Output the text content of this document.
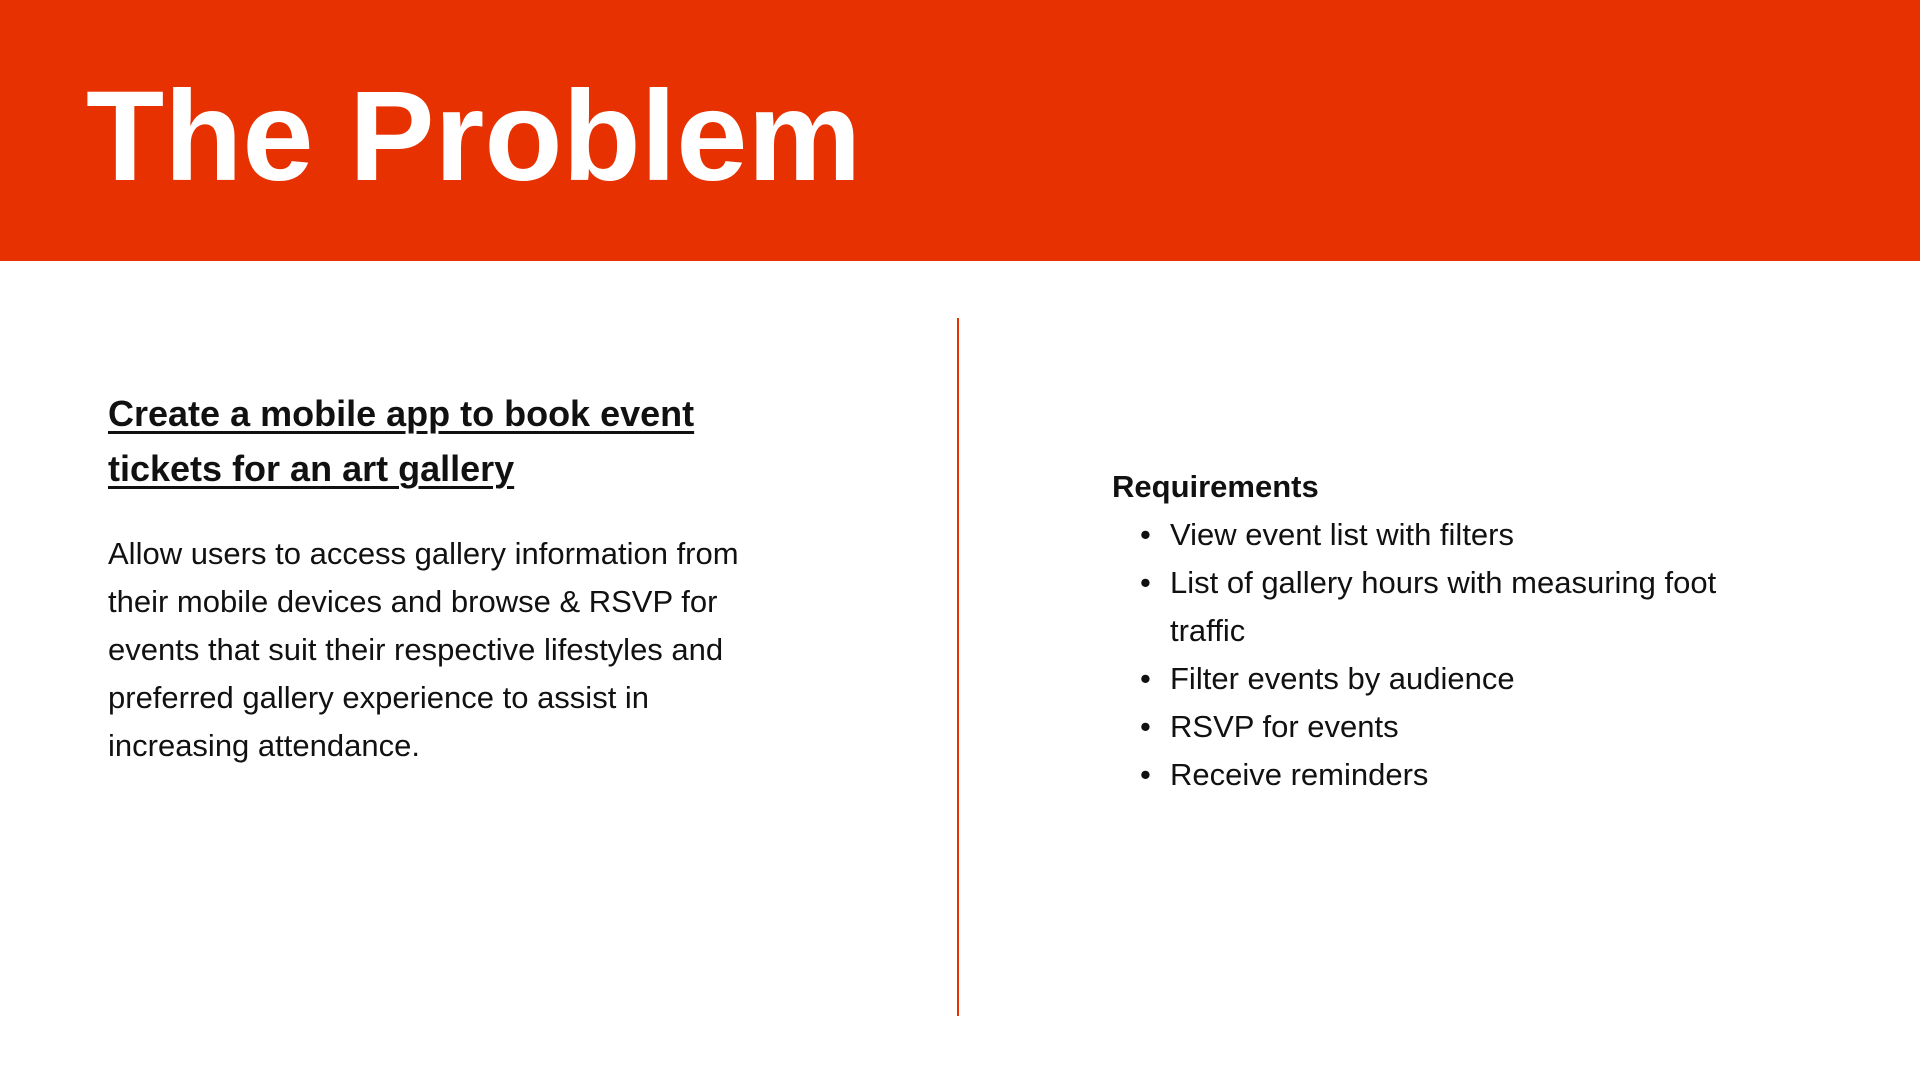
The Problem

Create a mobile app to book event tickets for an art gallery

Allow users to access gallery information from their mobile devices and browse & RSVP for events that suit their respective lifestyles and preferred gallery experience to assist in increasing attendance.

Requirements

• View event list with filters
• List of gallery hours with measuring foot traffic
• Filter events by audience
• RSVP for events
• Receive reminders
